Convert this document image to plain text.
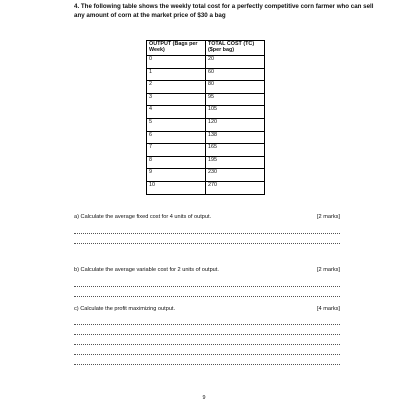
4. The following table shows the weekly total cost for a perfectly competitive corn farmer who can sell any amount of corn at the market price of $30 a bag
OUTPUT (Bags per Week)	TOTAL COST (TC) ($per bag)
0	20
1	60
2	80
3	95
4	105
5	120
6	138
7	165
8	195
9	230
10	270
a) Calculate the average fixed cost for 4 units of output.	[2 marks]
b) Calculate the average variable cost for 2 units of output.	[2 marks]
c) Calculate the profit maximizing output.	[4 marks]
9
